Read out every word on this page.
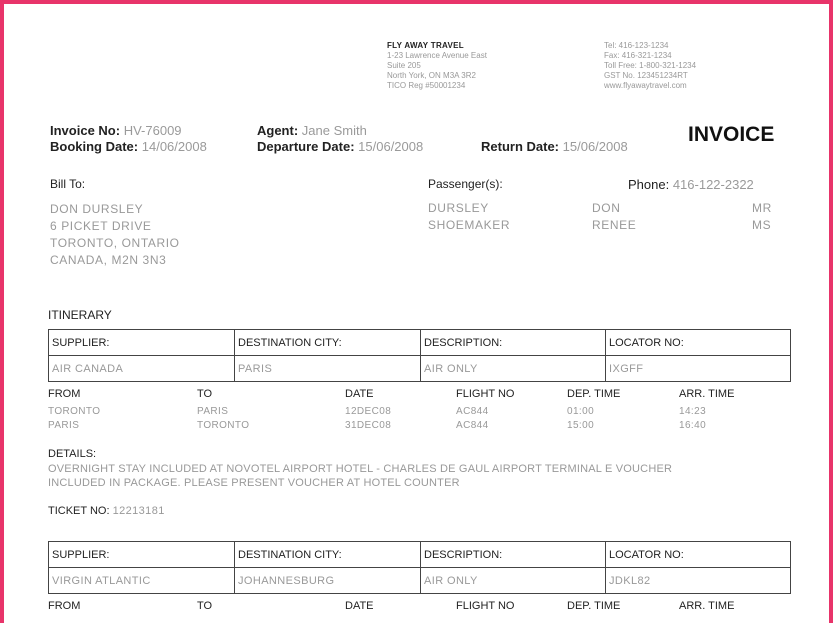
FLY AWAY TRAVEL
1-23 Lawrence Avenue East
Suite 205
North York, ON M3A 3R2
TICO Reg #50001234
Tel: 416-123-1234
Fax: 416-321-1234
Toll Free: 1-800-321-1234
GST No. 123451234RT
www.flyawaytravel.com
Invoice No: HV-76009	Agent: Jane Smith
Booking Date: 14/06/2008	Departure Date: 15/06/2008	Return Date: 15/06/2008
INVOICE
Bill To:
DON DURSLEY
6 PICKET DRIVE
TORONTO, ONTARIO
CANADA, M2N 3N3
Passenger(s):	Phone: 416-122-2322
DURSLEY	DON	MR
SHOEMAKER	RENEE	MS
ITINERARY
SUPPLIER:	DESTINATION CITY:	DESCRIPTION:	LOCATOR NO:
AIR CANADA	PARIS	AIR ONLY	IXGFF
FROM	TO	DATE	FLIGHT NO	DEP. TIME	ARR. TIME
TORONTO	PARIS	12DEC08	AC844	01:00	14:23
PARIS	TORONTO	31DEC08	AC844	15:00	16:40
DETAILS:
OVERNIGHT STAY INCLUDED AT NOVOTEL AIRPORT HOTEL - CHARLES DE GAUL AIRPORT TERMINAL E VOUCHER
INCLUDED IN PACKAGE. PLEASE PRESENT VOUCHER AT HOTEL COUNTER
TICKET NO: 12213181
SUPPLIER:	DESTINATION CITY:	DESCRIPTION:	LOCATOR NO:
VIRGIN ATLANTIC	JOHANNESBURG	AIR ONLY	JDKL82
FROM	TO	DATE	FLIGHT NO	DEP. TIME	ARR. TIME
